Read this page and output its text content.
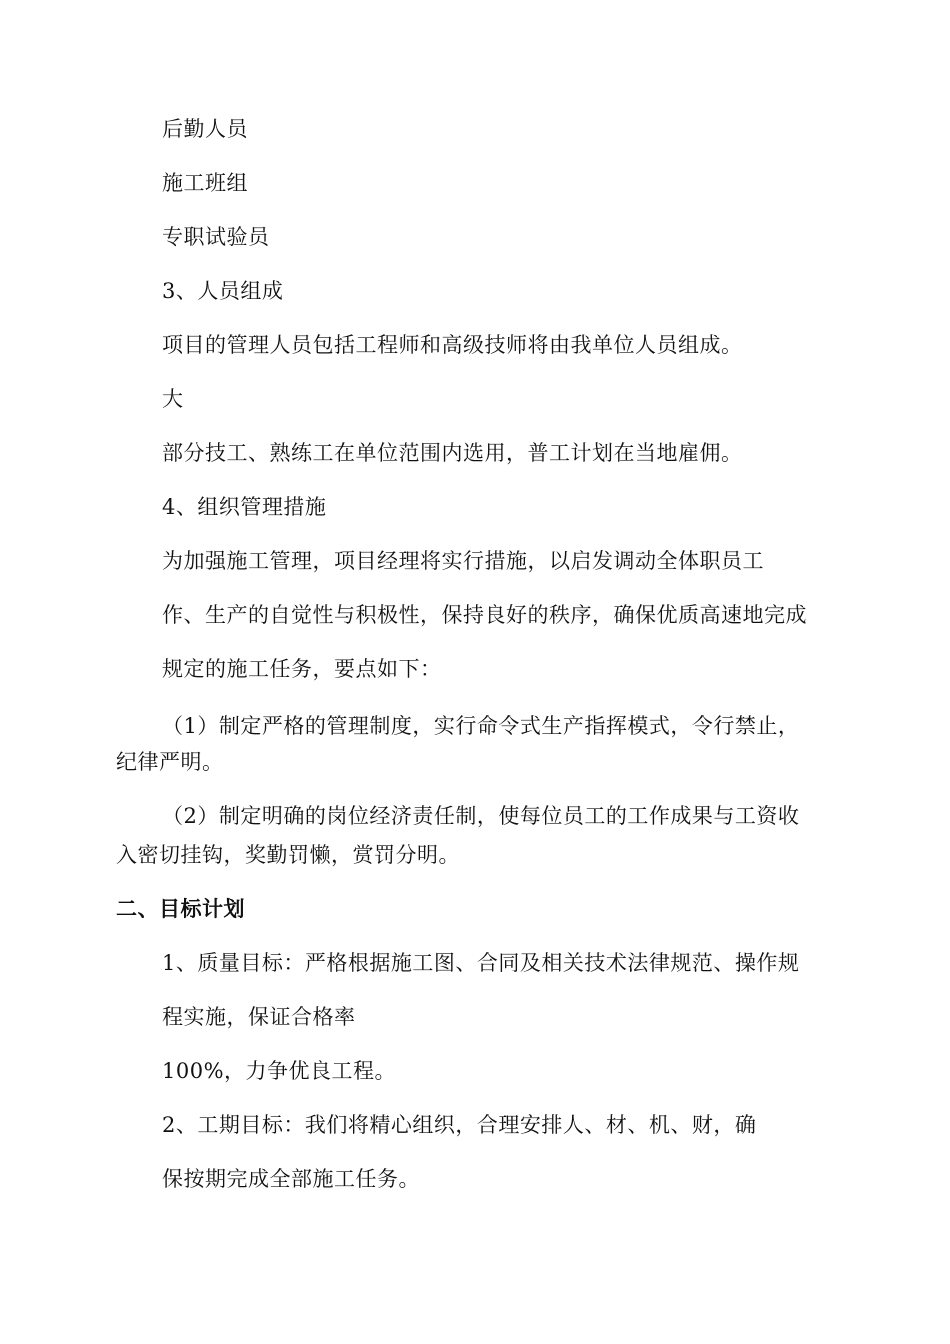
后勤人员
施工班组
专职试验员
3、人员组成
项目的管理人员包括工程师和高级技师将由我单位人员组成。
大
部分技工、熟练工在单位范围内选用，普工计划在当地雇佣。
4、组织管理措施
为加强施工管理，项目经理将实行措施，以启发调动全体职员工
作、生产的自觉性与积极性，保持良好的秩序，确保优质高速地完成
规定的施工任务，要点如下：
（1）制定严格的管理制度，实行命令式生产指挥模式，令行禁止，
纪律严明。
（2）制定明确的岗位经济责任制，使每位员工的工作成果与工资收
入密切挂钩，奖勤罚懒，赏罚分明。
二、目标计划
1、质量目标：严格根据施工图、合同及相关技术法律规范、操作规
程实施，保证合格率
100%，力争优良工程。
2、工期目标：我们将精心组织，合理安排人、材、机、财，确
保按期完成全部施工任务。
